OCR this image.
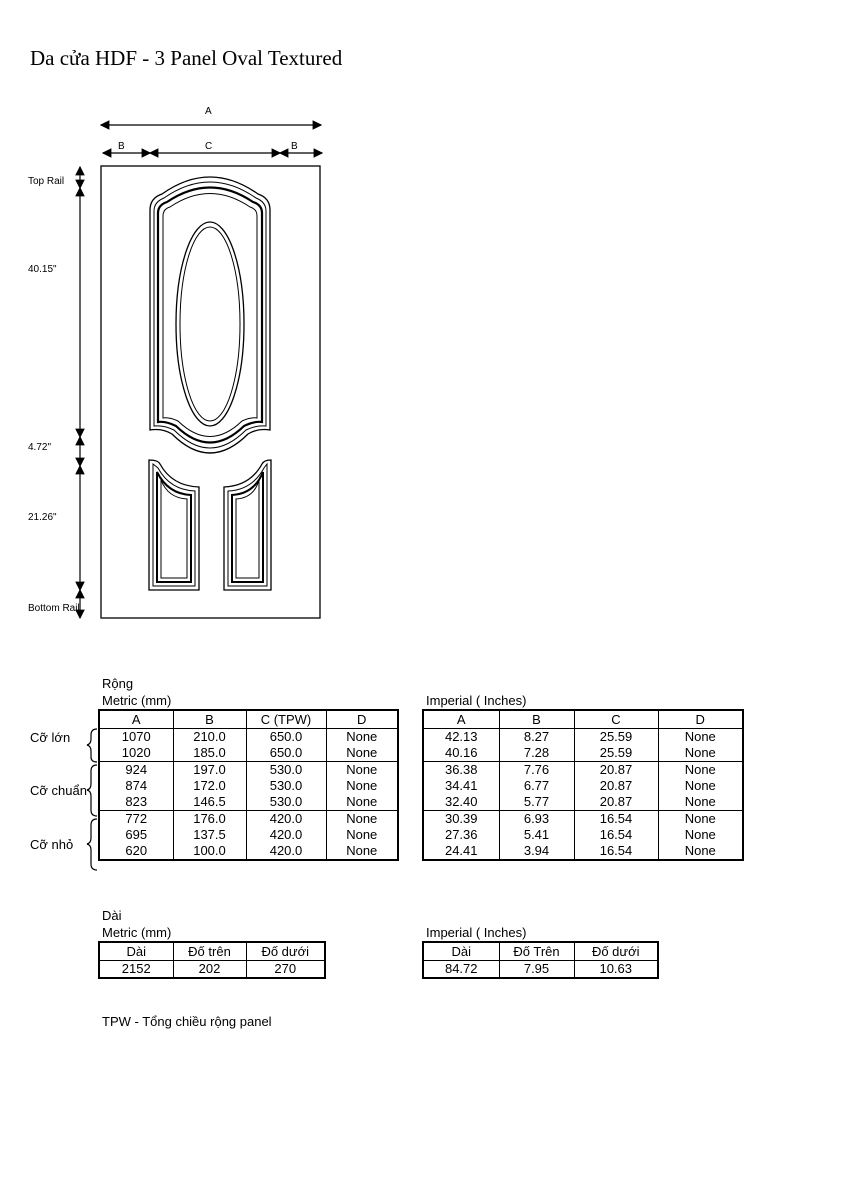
Da cửa HDF - 3 Panel Oval Textured
A
B	C	B
Top Rail
40.15"
4.72"
21.26"
Bottom Rail
Rộng
Metric (mm)	Imperial ( Inches)
Cỡ lớn
Cỡ chuẩn
Cỡ nhỏ
A	B	C (TPW)	D
1070	210.0	650.0	None
1020	185.0	650.0	None
924	197.0	530.0	None
874	172.0	530.0	None
823	146.5	530.0	None
772	176.0	420.0	None
695	137.5	420.0	None
620	100.0	420.0	None
A	B	C	D
42.13	8.27	25.59	None
40.16	7.28	25.59	None
36.38	7.76	20.87	None
34.41	6.77	20.87	None
32.40	5.77	20.87	None
30.39	6.93	16.54	None
27.36	5.41	16.54	None
24.41	3.94	16.54	None
Dài
Metric (mm)	Imperial ( Inches)
Dài	Đố trên	Đố dưới
2152	202	270
Dài	Đố Trên	Đố dưới
84.72	7.95	10.63
TPW - Tổng chiều rộng panel
